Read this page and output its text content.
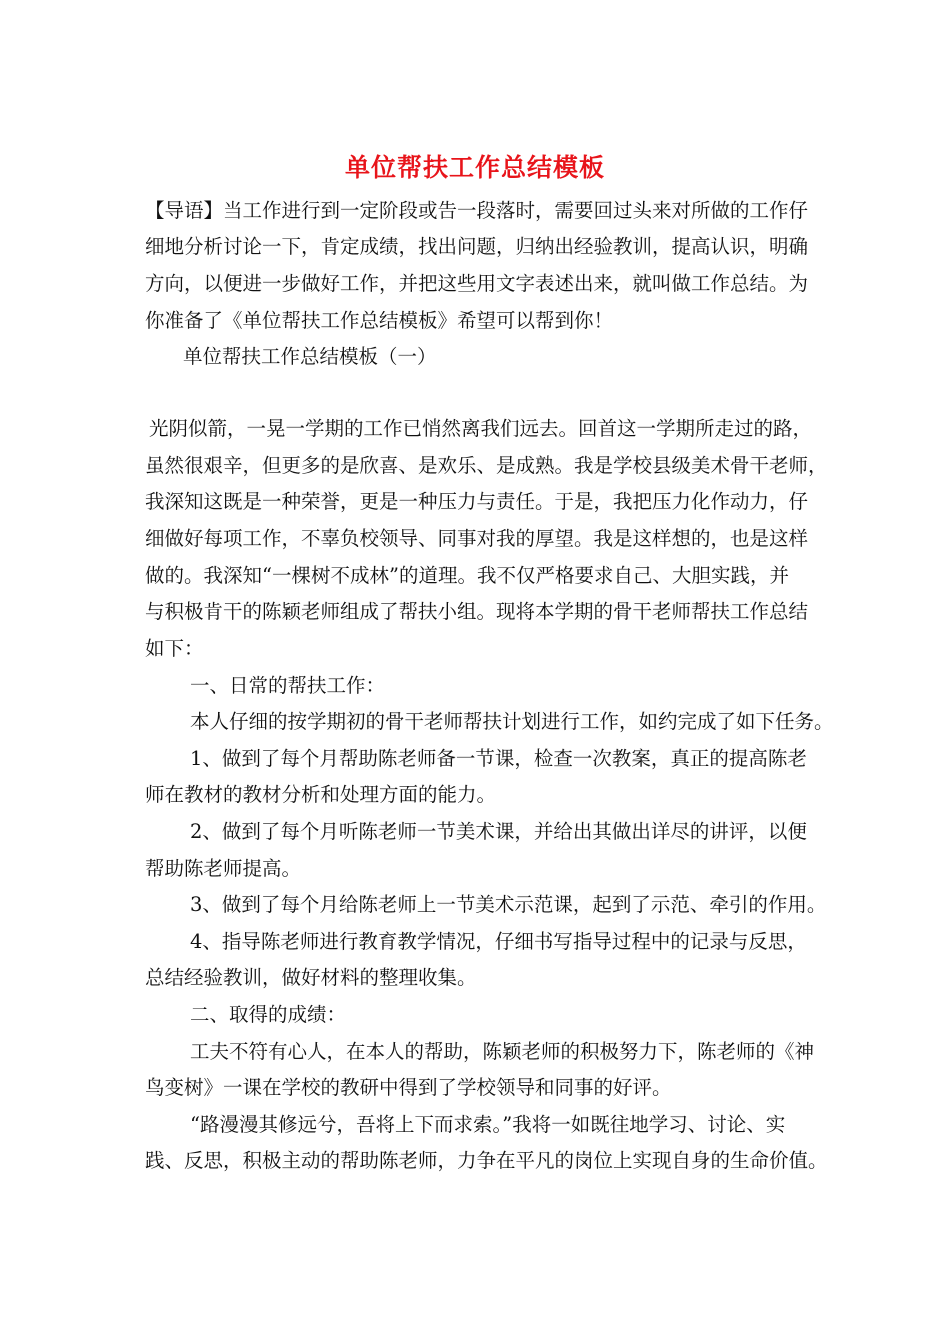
单位帮扶工作总结模板
【导语】当工作进行到一定阶段或告一段落时，需要回过头来对所做的工作仔
细地分析讨论一下，肯定成绩，找出问题，归纳出经验教训，提高认识，明确
方向，以便进一步做好工作，并把这些用文字表述出来，就叫做工作总结。为
你准备了《单位帮扶工作总结模板》希望可以帮到你！
单位帮扶工作总结模板（一）
光阴似箭，一晃一学期的工作已悄然离我们远去。回首这一学期所走过的路，
虽然很艰辛，但更多的是欣喜、是欢乐、是成熟。我是学校县级美术骨干老师，
我深知这既是一种荣誉，更是一种压力与责任。于是，我把压力化作动力，仔
细做好每项工作，不辜负校领导、同事对我的厚望。我是这样想的，也是这样
做的。我深知“一棵树不成林”的道理。我不仅严格要求自己、大胆实践，并
与积极肯干的陈颖老师组成了帮扶小组。现将本学期的骨干老师帮扶工作总结
如下：
一、日常的帮扶工作：
本人仔细的按学期初的骨干老师帮扶计划进行工作，如约完成了如下任务。
1、做到了每个月帮助陈老师备一节课，检查一次教案，真正的提高陈老
师在教材的教材分析和处理方面的能力。
2、做到了每个月听陈老师一节美术课，并给出其做出详尽的讲评，以便
帮助陈老师提高。
3、做到了每个月给陈老师上一节美术示范课，起到了示范、牵引的作用。
4、指导陈老师进行教育教学情况，仔细书写指导过程中的记录与反思，
总结经验教训，做好材料的整理收集。
二、取得的成绩：
工夫不符有心人，在本人的帮助，陈颖老师的积极努力下，陈老师的《神
鸟变树》一课在学校的教研中得到了学校领导和同事的好评。
“路漫漫其修远兮，吾将上下而求索。”我将一如既往地学习、讨论、实
践、反思，积极主动的帮助陈老师，力争在平凡的岗位上实现自身的生命价值。
